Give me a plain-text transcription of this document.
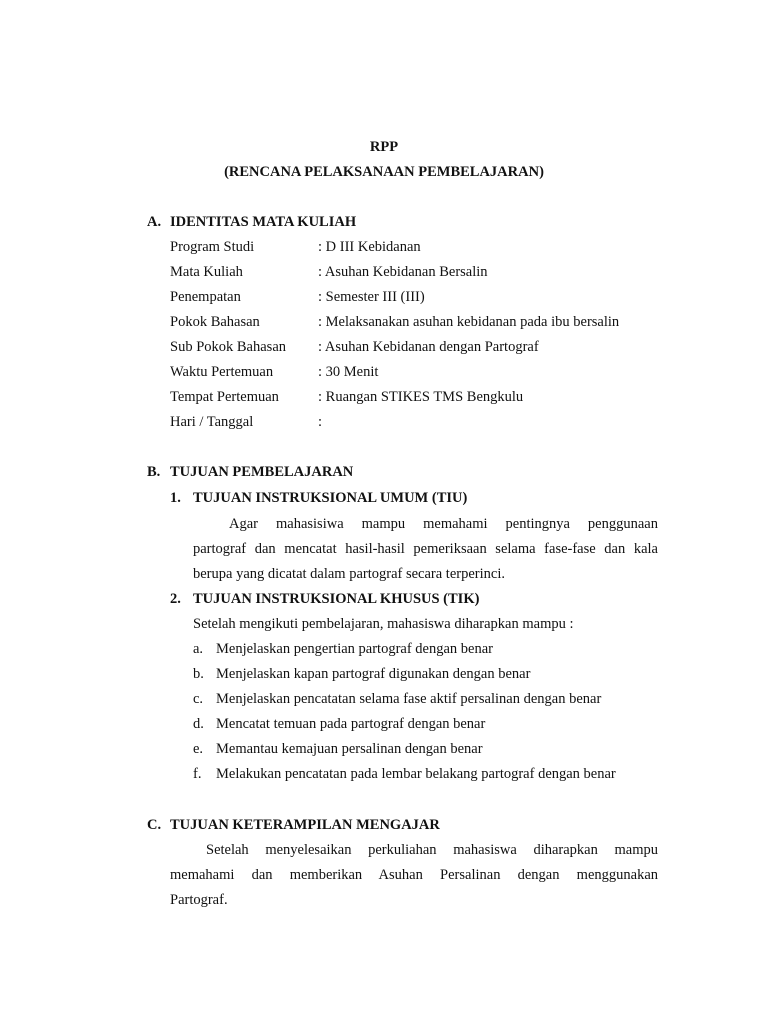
RPP
(RENCANA PELAKSANAAN PEMBELAJARAN)
A. IDENTITAS MATA KULIAH
Program Studi	: D III Kebidanan
Mata Kuliah	: Asuhan Kebidanan Bersalin
Penempatan	: Semester III (III)
Pokok Bahasan	: Melaksanakan asuhan kebidanan pada ibu bersalin
Sub Pokok Bahasan : Asuhan Kebidanan dengan Partograf
Waktu Pertemuan	: 30 Menit
Tempat Pertemuan	: Ruangan STIKES TMS Bengkulu
Hari / Tanggal	:
B. TUJUAN PEMBELAJARAN
1. TUJUAN INSTRUKSIONAL UMUM (TIU)
Agar mahasisiwa mampu memahami pentingnya penggunaan
partograf dan mencatat hasil-hasil pemeriksaan selama fase-fase dan kala
berupa yang dicatat dalam partograf secara terperinci.
2. TUJUAN INSTRUKSIONAL KHUSUS (TIK)
Setelah mengikuti pembelajaran, mahasiswa diharapkan mampu :
a. Menjelaskan pengertian partograf dengan benar
b. Menjelaskan kapan partograf digunakan dengan benar
c. Menjelaskan pencatatan selama fase aktif persalinan dengan benar
d. Mencatat temuan pada partograf dengan benar
e. Memantau kemajuan persalinan dengan benar
f. Melakukan pencatatan pada lembar belakang partograf dengan benar
C. TUJUAN KETERAMPILAN MENGAJAR
Setelah menyelesaikan perkuliahan mahasiswa diharapkan mampu
memahami dan memberikan Asuhan Persalinan dengan menggunakan
Partograf.
